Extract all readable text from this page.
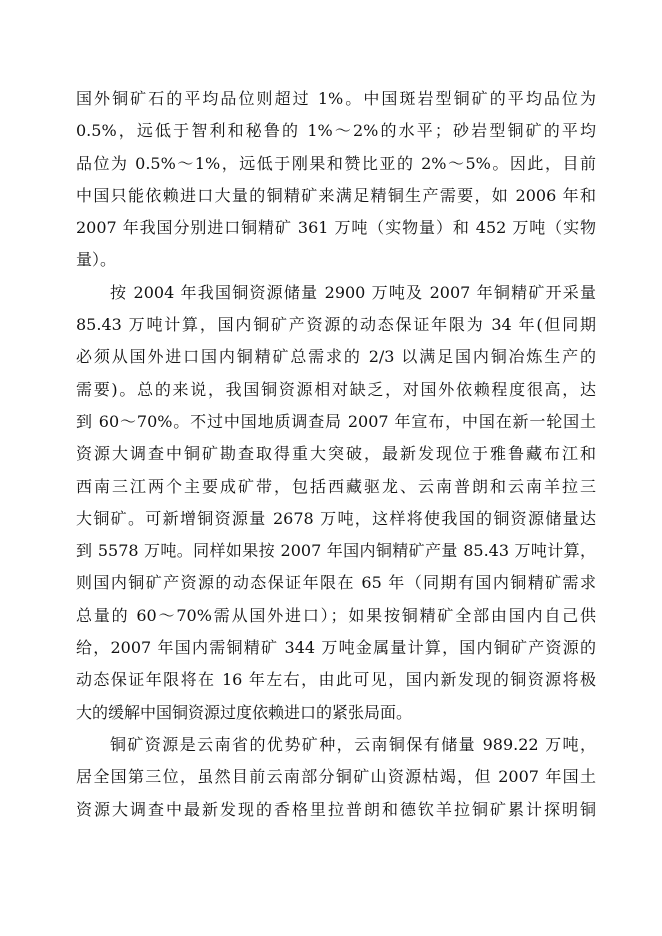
国外铜矿石的平均品位则超过 1%。中国斑岩型铜矿的平均品位为
0.5%，远低于智利和秘鲁的 1%～2%的水平；砂岩型铜矿的平均
品位为 0.5%～1%，远低于刚果和赞比亚的 2%～5%。因此，目前
中国只能依赖进口大量的铜精矿来满足精铜生产需要，如 2006 年和
2007 年我国分别进口铜精矿 361 万吨（实物量）和 452 万吨（实物
量）。
按 2004 年我国铜资源储量 2900 万吨及 2007 年铜精矿开采量
85.43 万吨计算，国内铜矿产资源的动态保证年限为 34 年(但同期
必须从国外进口国内铜精矿总需求的 2/3 以满足国内铜冶炼生产的
需要)。总的来说，我国铜资源相对缺乏，对国外依赖程度很高，达
到 60～70%。不过中国地质调查局 2007 年宣布，中国在新一轮国土
资源大调查中铜矿勘查取得重大突破，最新发现位于雅鲁藏布江和
西南三江两个主要成矿带，包括西藏驱龙、云南普朗和云南羊拉三
大铜矿。可新增铜资源量 2678 万吨，这样将使我国的铜资源储量达
到 5578 万吨。同样如果按 2007 年国内铜精矿产量 85.43 万吨计算，
则国内铜矿产资源的动态保证年限在 65 年（同期有国内铜精矿需求
总量的 60～70%需从国外进口）；如果按铜精矿全部由国内自己供
给，2007 年国内需铜精矿 344 万吨金属量计算，国内铜矿产资源的
动态保证年限将在 16 年左右，由此可见，国内新发现的铜资源将极
大的缓解中国铜资源过度依赖进口的紧张局面。
铜矿资源是云南省的优势矿种，云南铜保有储量 989.22 万吨，
居全国第三位，虽然目前云南部分铜矿山资源枯竭，但 2007 年国土
资源大调查中最新发现的香格里拉普朗和德钦羊拉铜矿累计探明铜
